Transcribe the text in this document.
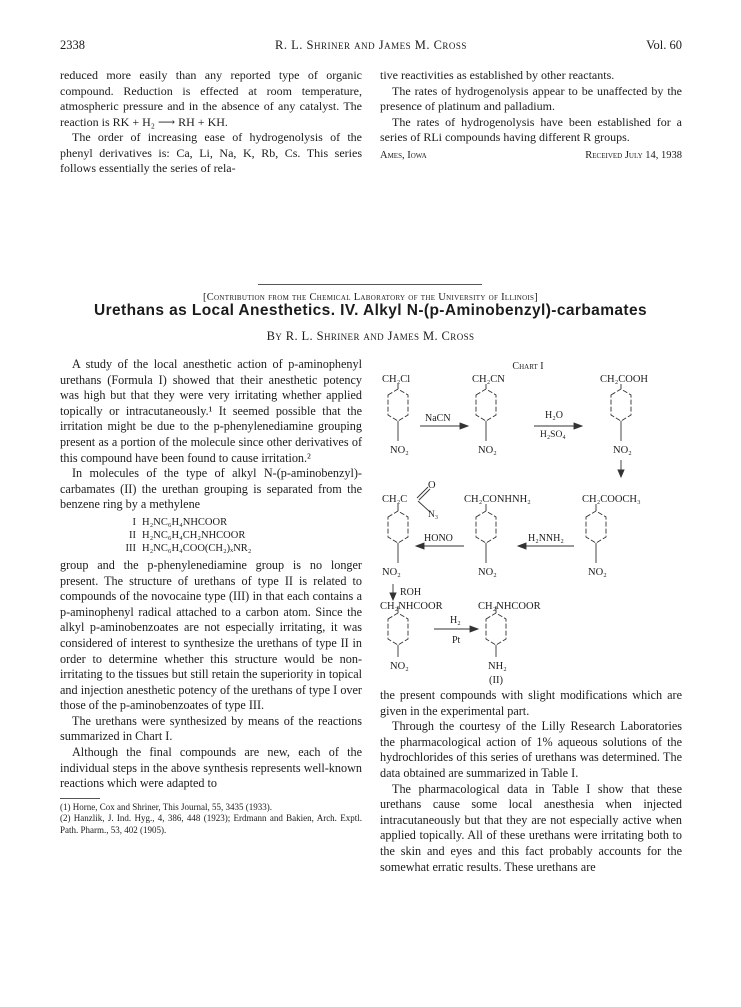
2338	R. L. Shriner and James M. Cross	Vol. 60

reduced more easily than any reported type of organic compound. Reduction is effected at room temperature, atmospheric pressure and in the absence of any catalyst. The reaction is RK + H₂ ⟶ RH + KH.

The order of increasing ease of hydrogenolysis of the phenyl derivatives is: Ca, Li, Na, K, Rb, Cs. This series follows essentially the series of rela-

tive reactivities as established by other reactants.

The rates of hydrogenolysis appear to be unaffected by the presence of platinum and palladium.

The rates of hydrogenolysis have been established for a series of RLi compounds having different R groups.

Ames, Iowa	Received July 14, 1938
[Contribution from the Chemical Laboratory of the University of Illinois]
Urethans as Local Anesthetics. IV. Alkyl N-(p-Aminobenzyl)-carbamates
By R. L. Shriner and James M. Cross

A study of the local anesthetic action of p-aminophenyl urethans (Formula I) showed that their anesthetic potency was high but that they were very irritating whether applied topically or intracutaneously.¹ It seemed possible that the irritation might be due to the p-phenylenediamine grouping present as a portion of the molecule since other derivatives of this compound have been found to cause irritation.²

In molecules of the type of alkyl N-(p-aminobenzyl)-carbamates (II) the urethan grouping is separated from the benzene ring by a methylene

I H₂NC₆H₄NHCOOR
II H₂NC₆H₄CH₂NHCOOR
III H₂NC₆H₄COO(CH₂)ₓNR₂

group and the p-phenylenediamine group is no longer present. The structure of urethans of type II is related to compounds of the novocaine type (III) in that each contains a p-aminophenyl radical attached to a carbon atom. Since the alkyl p-aminobenzoates are not especially irritating, it was considered of interest to synthesize the urethans of type II in order to determine whether this structure would be non-irritating to the tissues but still retain the superiority in topical and injection anesthetic potency of the urethans of type I over those of the p-aminobenzoates of type III.

The urethans were synthesized by means of the reactions summarized in Chart I.

Although the final compounds are new, each of the individual steps in the above synthesis represents well-known reactions which were adapted to

(1) Horne, Cox and Shriner, This Journal, 55, 3435 (1933).
(2) Hanzlik, J. Ind. Hyg., 4, 386, 448 (1923); Erdmann and Bakien, Arch. Exptl. Path. Pharm., 53, 402 (1905).
Chart I
CH₂Cl	CH₂CN	CH₂COOH
NaCN	H₂O
H₂SO₄
NO₂	NO₂	NO₂
CH₂C
O
N₃
CH₂CONHNH₂	CH₂COOCH₃
HONO	H₂NNH₂
NO₂	NO₂	NO₂
ROH
CH₂NHCOOR	CH₂NHCOOR
H₂
Pt
NO₂	NH₂
(II)

the present compounds with slight modifications which are given in the experimental part.

Through the courtesy of the Lilly Research Laboratories the pharmacological action of 1% aqueous solutions of the hydrochlorides of this series of urethans was determined. The data obtained are summarized in Table I.

The pharmacological data in Table I show that these urethans cause some local anesthesia when injected intracutaneously but that they are not especially active when applied topically. All of these urethans were irritating both to the skin and eyes and this fact probably accounts for the somewhat erratic results. These urethans are
